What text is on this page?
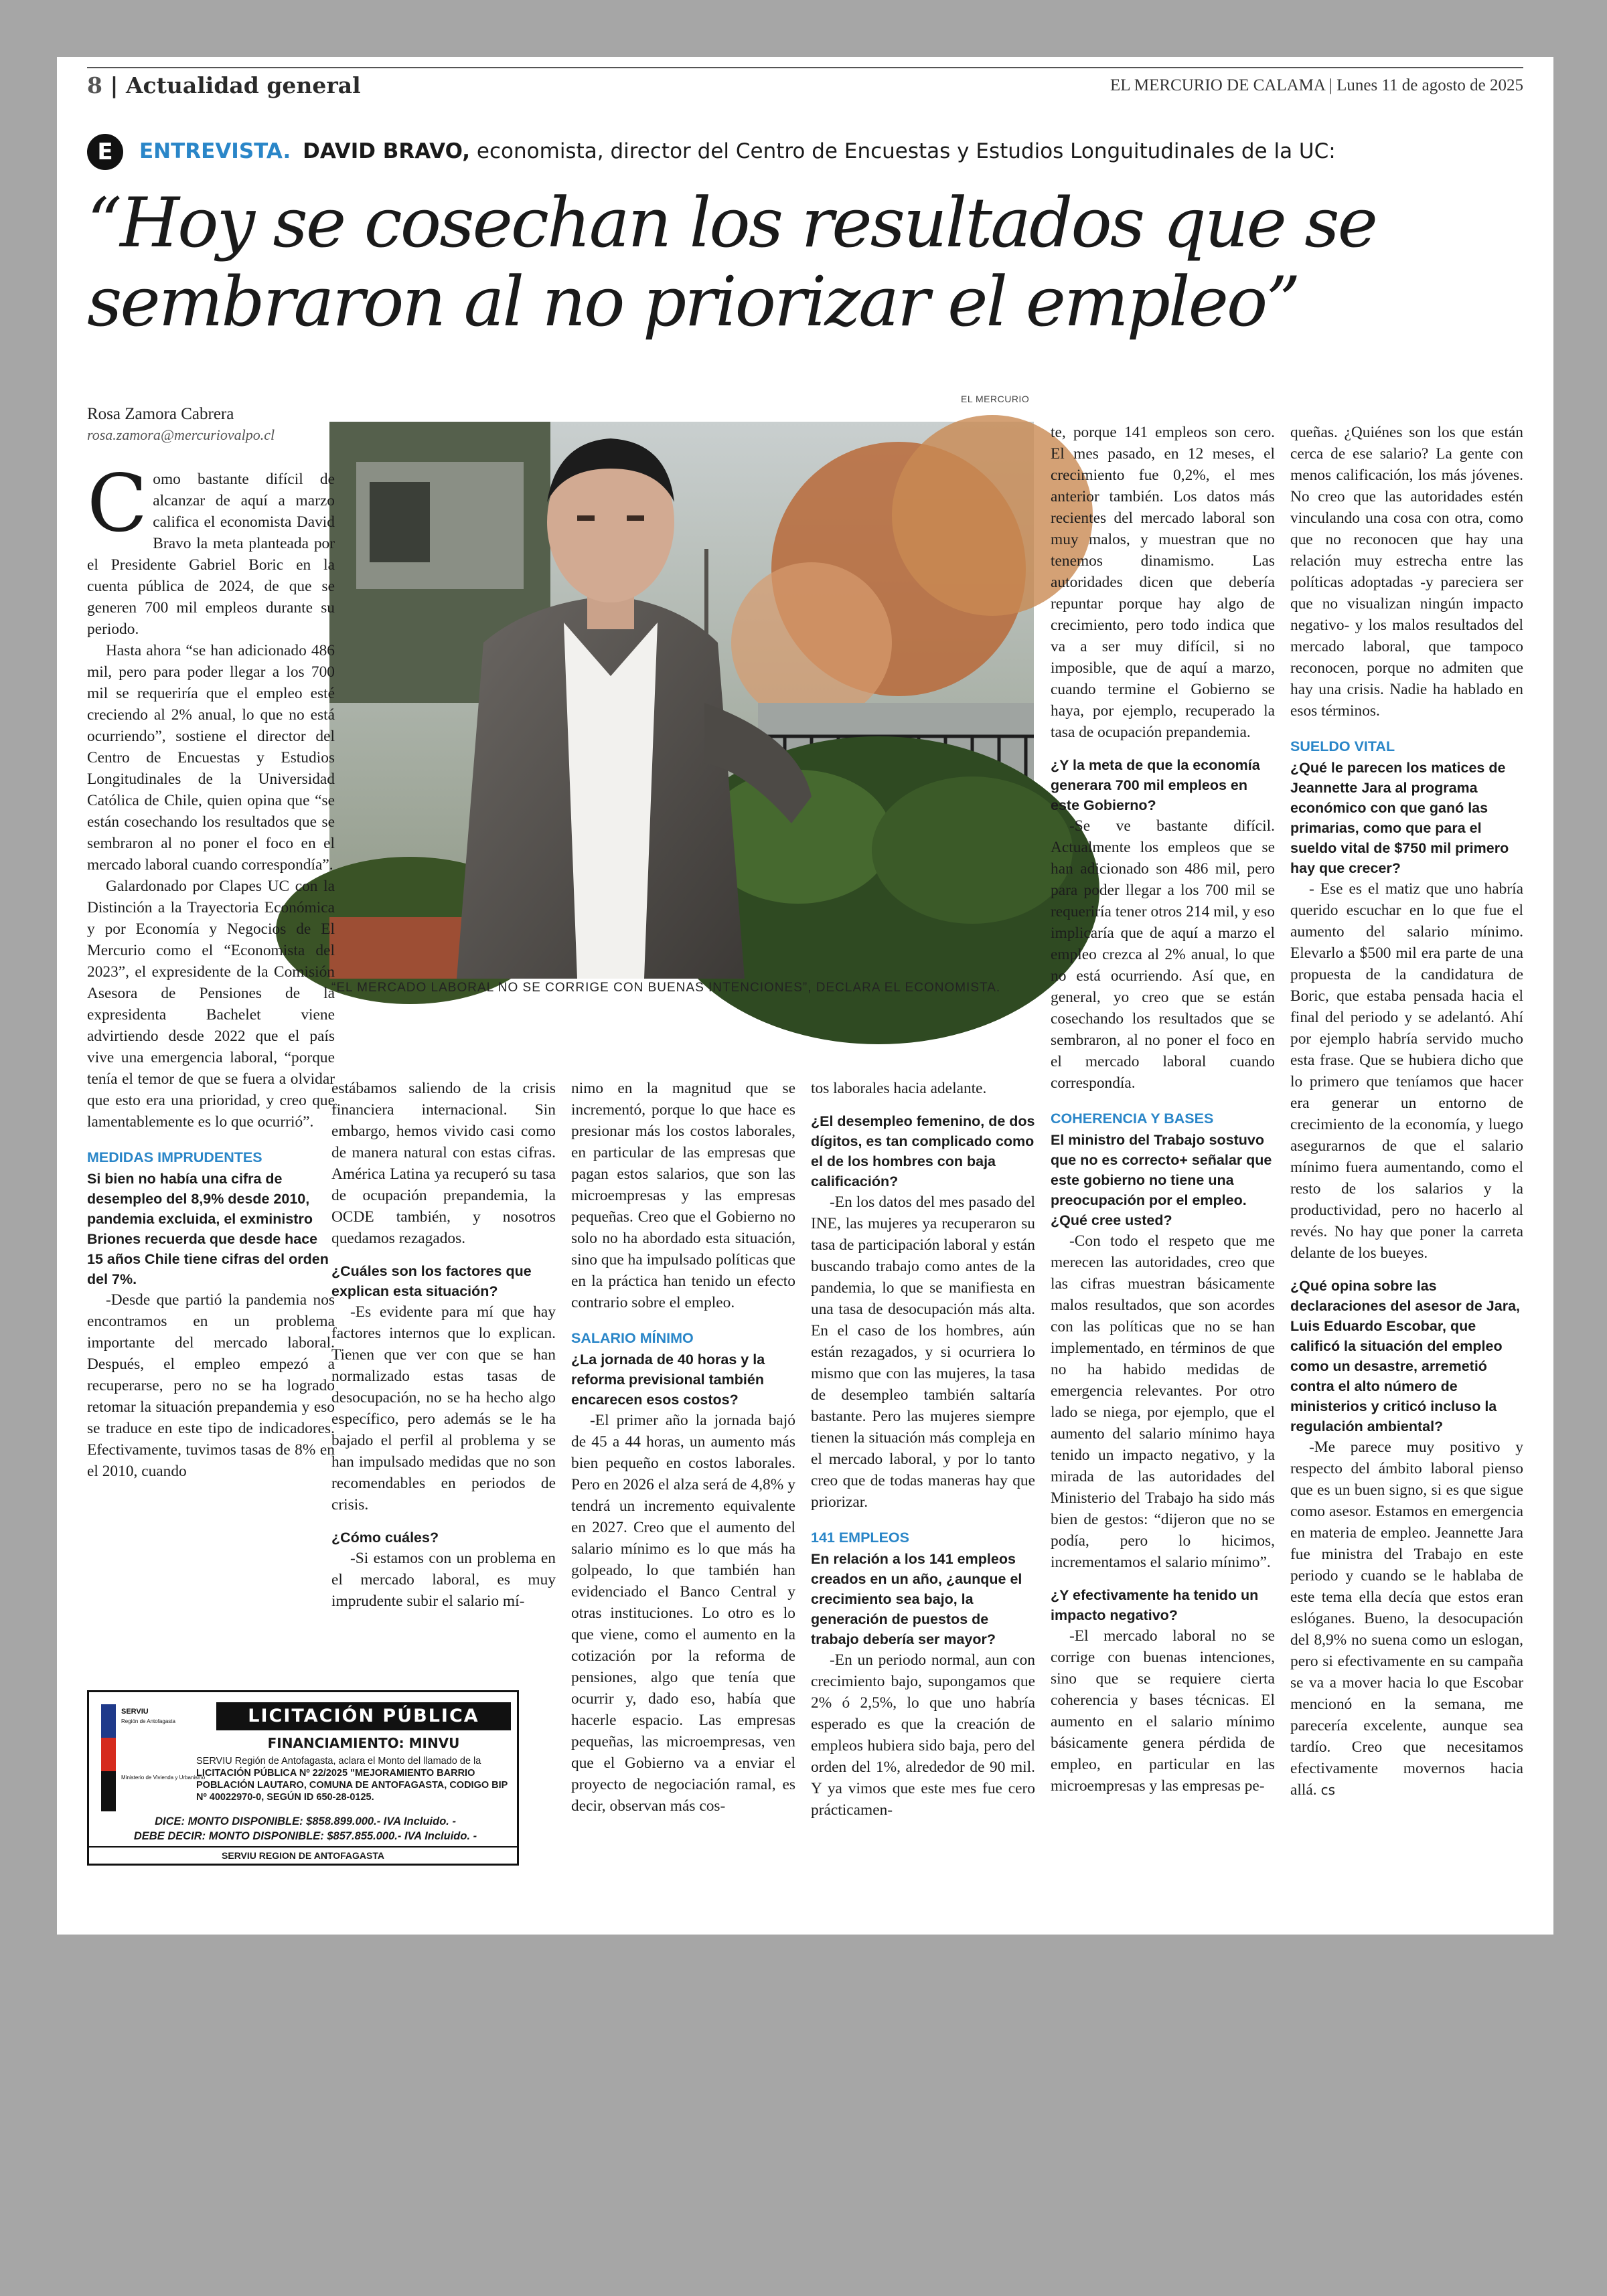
8 | Actualidad general	EL MERCURIO DE CALAMA | Lunes 11 de agosto de 2025
E	ENTREVISTA. DAVID BRAVO, economista, director del Centro de Encuestas y Estudios Longuitudinales de la UC:
“Hoy se cosechan los resultados que se sembraron al no priorizar el empleo”
Rosa Zamora Cabrera
rosa.zamora@mercuriovalpo.cl
EL MERCURIO
“EL MERCADO LABORAL NO SE CORRIGE CON BUENAS INTENCIONES”, DECLARA EL ECONOMISTA.

Como bastante difícil de alcanzar de aquí a marzo califica el economista David Bravo la meta planteada por el Presidente Gabriel Boric en la cuenta pública de 2024, de que se generen 700 mil empleos durante su periodo.

Hasta ahora “se han adicionado 486 mil, pero para poder llegar a los 700 mil se requeriría que el empleo esté creciendo al 2% anual, lo que no está ocurriendo”, sostiene el director del Centro de Encuestas y Estudios Longitudinales de la Universidad Católica de Chile, quien opina que “se están cosechando los resultados que se sembraron al no poner el foco en el mercado laboral cuando correspondía”.

Galardonado por Clapes UC con la Distinción a la Trayectoria Económica y por Economía y Negocios de El Mercurio como el “Economista del 2023”, el expresidente de la Comisión Asesora de Pensiones de la expresidenta Bachelet viene advirtiendo desde 2022 que el país vive una emergencia laboral, “porque tenía el temor de que se fuera a olvidar que esto era una prioridad, y creo que lamentablemente es lo que ocurrió”.

MEDIDAS IMPRUDENTES
Si bien no había una cifra de desempleo del 8,9% desde 2010, pandemia excluida, el exministro Briones recuerda que desde hace 15 años Chile tiene cifras del orden del 7%.

-Desde que partió la pandemia nos encontramos en un problema importante del mercado laboral. Después, el empleo empezó a recuperarse, pero no se ha logrado retomar la situación prepandemia y eso se traduce en este tipo de indicadores. Efectivamente, tuvimos tasas de 8% en el 2010, cuando

estábamos saliendo de la crisis financiera internacional. Sin embargo, hemos vivido casi como de manera natural con estas cifras. América Latina ya recuperó su tasa de ocupación prepandemia, la OCDE también, y nosotros quedamos rezagados.

¿Cuáles son los factores que explican esta situación?

-Es evidente para mí que hay factores internos que lo explican. Tienen que ver con que se han normalizado estas tasas de desocupación, no se ha hecho algo específico, pero además se le ha bajado el perfil al problema y se han impulsado medidas que no son recomendables en periodos de crisis.

¿Cómo cuáles?

-Si estamos con un problema en el mercado laboral, es muy imprudente subir el salario mí-

nimo en la magnitud que se incrementó, porque lo que hace es presionar más los costos laborales, en particular de las empresas que pagan estos salarios, que son las microempresas y las empresas pequeñas. Creo que el Gobierno no solo no ha abordado esta situación, sino que ha impulsado políticas que en la práctica han tenido un efecto contrario sobre el empleo.

SALARIO MÍNIMO
¿La jornada de 40 horas y la reforma previsional también encarecen esos costos?

-El primer año la jornada bajó de 45 a 44 horas, un aumento más bien pequeño en costos laborales. Pero en 2026 el alza será de 4,8% y tendrá un incremento equivalente en 2027. Creo que el aumento del salario mínimo es lo que más ha golpeado, lo que también han evidenciado el Banco Central y otras instituciones. Lo otro es lo que viene, como el aumento en la cotización por la reforma de pensiones, algo que tenía que ocurrir y, dado eso, había que hacerle espacio. Las empresas pequeñas, las microempresas, ven que el Gobierno va a enviar el proyecto de negociación ramal, es decir, observan más cos-

tos laborales hacia adelante.

¿El desempleo femenino, de dos dígitos, es tan complicado como el de los hombres con baja calificación?

-En los datos del mes pasado del INE, las mujeres ya recuperaron su tasa de participación laboral y están buscando trabajo como antes de la pandemia, lo que se manifiesta en una tasa de desocupación más alta. En el caso de los hombres, aún están rezagados, y si ocurriera lo mismo que con las mujeres, la tasa de desempleo también saltaría bastante. Pero las mujeres siempre tienen la situación más compleja en el mercado laboral, y por lo tanto creo que de todas maneras hay que priorizar.

141 EMPLEOS
En relación a los 141 empleos creados en un año, ¿aunque el crecimiento sea bajo, la generación de puestos de trabajo debería ser mayor?

-En un periodo normal, aun con crecimiento bajo, supongamos que 2% ó 2,5%, lo que uno habría esperado es que la creación de empleos hubiera sido baja, pero del orden del 1%, alrededor de 90 mil. Y ya vimos que este mes fue cero prácticamen-

te, porque 141 empleos son cero. El mes pasado, en 12 meses, el crecimiento fue 0,2%, el mes anterior también. Los datos más recientes del mercado laboral son muy malos, y muestran que no tenemos dinamismo. Las autoridades dicen que debería repuntar porque hay algo de crecimiento, pero todo indica que va a ser muy difícil, si no imposible, que de aquí a marzo, cuando termine el Gobierno se haya, por ejemplo, recuperado la tasa de ocupación prepandemia.

¿Y la meta de que la economía generara 700 mil empleos en este Gobierno?

-Se ve bastante difícil. Actualmente los empleos que se han adicionado son 486 mil, pero para poder llegar a los 700 mil se requeriría tener otros 214 mil, y eso implicaría que de aquí a marzo el empleo crezca al 2% anual, lo que no está ocurriendo. Así que, en general, yo creo que se están cosechando los resultados que se sembraron, al no poner el foco en el mercado laboral cuando correspondía.

COHERENCIA Y BASES
El ministro del Trabajo sostuvo que no es correcto+ señalar que este gobierno no tiene una preocupación por el empleo. ¿Qué cree usted?

-Con todo el respeto que me merecen las autoridades, creo que las cifras muestran básicamente malos resultados, que son acordes con las políticas que no se han implementado, en términos de que no ha habido medidas de emergencia relevantes. Por otro lado se niega, por ejemplo, que el aumento del salario mínimo haya tenido un impacto negativo, y la mirada de las autoridades del Ministerio del Trabajo ha sido más bien de gestos: “dijeron que no se podía, pero lo hicimos, incrementamos el salario mínimo”.

¿Y efectivamente ha tenido un impacto negativo?

-El mercado laboral no se corrige con buenas intenciones, sino que se requiere cierta coherencia y bases técnicas. El aumento en el salario mínimo básicamente genera pérdida de empleo, en particular en las microempresas y las empresas pe-

queñas. ¿Quiénes son los que están cerca de ese salario? La gente con menos calificación, los más jóvenes. No creo que las autoridades estén vinculando una cosa con otra, como que no reconocen que hay una relación muy estrecha entre las políticas adoptadas -y pareciera ser que no visualizan ningún impacto negativo- y los malos resultados del mercado laboral, que tampoco reconocen, porque no admiten que hay una crisis. Nadie ha hablado en esos términos.

SUELDO VITAL
¿Qué le parecen los matices de Jeannette Jara al programa económico con que ganó las primarias, como que para el sueldo vital de $750 mil primero hay que crecer?

- Ese es el matiz que uno habría querido escuchar en lo que fue el aumento del salario mínimo. Elevarlo a $500 mil era parte de una propuesta de la candidatura de Boric, que estaba pensada hacia el final del periodo y se adelantó. Ahí por ejemplo habría servido mucho esta frase. Que se hubiera dicho que lo primero que teníamos que hacer era generar un entorno de crecimiento de la economía, y luego asegurarnos de que el salario mínimo fuera aumentando, como el resto de los salarios y la productividad, pero no hacerlo al revés. No hay que poner la carreta delante de los bueyes.

¿Qué opina sobre las declaraciones del asesor de Jara, Luis Eduardo Escobar, que calificó la situación del empleo como un desastre, arremetió contra el alto número de ministerios y criticó incluso la regulación ambiental?

-Me parece muy positivo y respecto del ámbito laboral pienso que es un buen signo, si es que sigue como asesor. Estamos en emergencia en materia de empleo. Jeannette Jara fue ministra del Trabajo en este periodo y cuando se le hablaba de este tema ella decía que estos eran eslóganes. Bueno, la desocupación del 8,9% no suena como un eslogan, pero si efectivamente en su campaña se va a mover hacia lo que Escobar mencionó en la semana, me parecería excelente, aunque sea tardío. Creo que necesitamos efectivamente movernos hacia allá. cs

SERVIU
Región de Antofagasta
Ministerio de Vivienda y Urbanismo
LICITACIÓN PÚBLICA
FINANCIAMIENTO: MINVU
SERVIU Región de Antofagasta, aclara el Monto del llamado de la LICITACIÓN PÚBLICA Nº 22/2025 "MEJORAMIENTO BARRIO POBLACIÓN LAUTARO, COMUNA DE ANTOFAGASTA, CODIGO BIP Nº 40022970-0, SEGÚN ID 650-28-0125.
DICE: MONTO DISPONIBLE: $858.899.000.- IVA Incluido. -
DEBE DECIR: MONTO DISPONIBLE: $857.855.000.- IVA Incluido. -
SERVIU REGION DE ANTOFAGASTA
